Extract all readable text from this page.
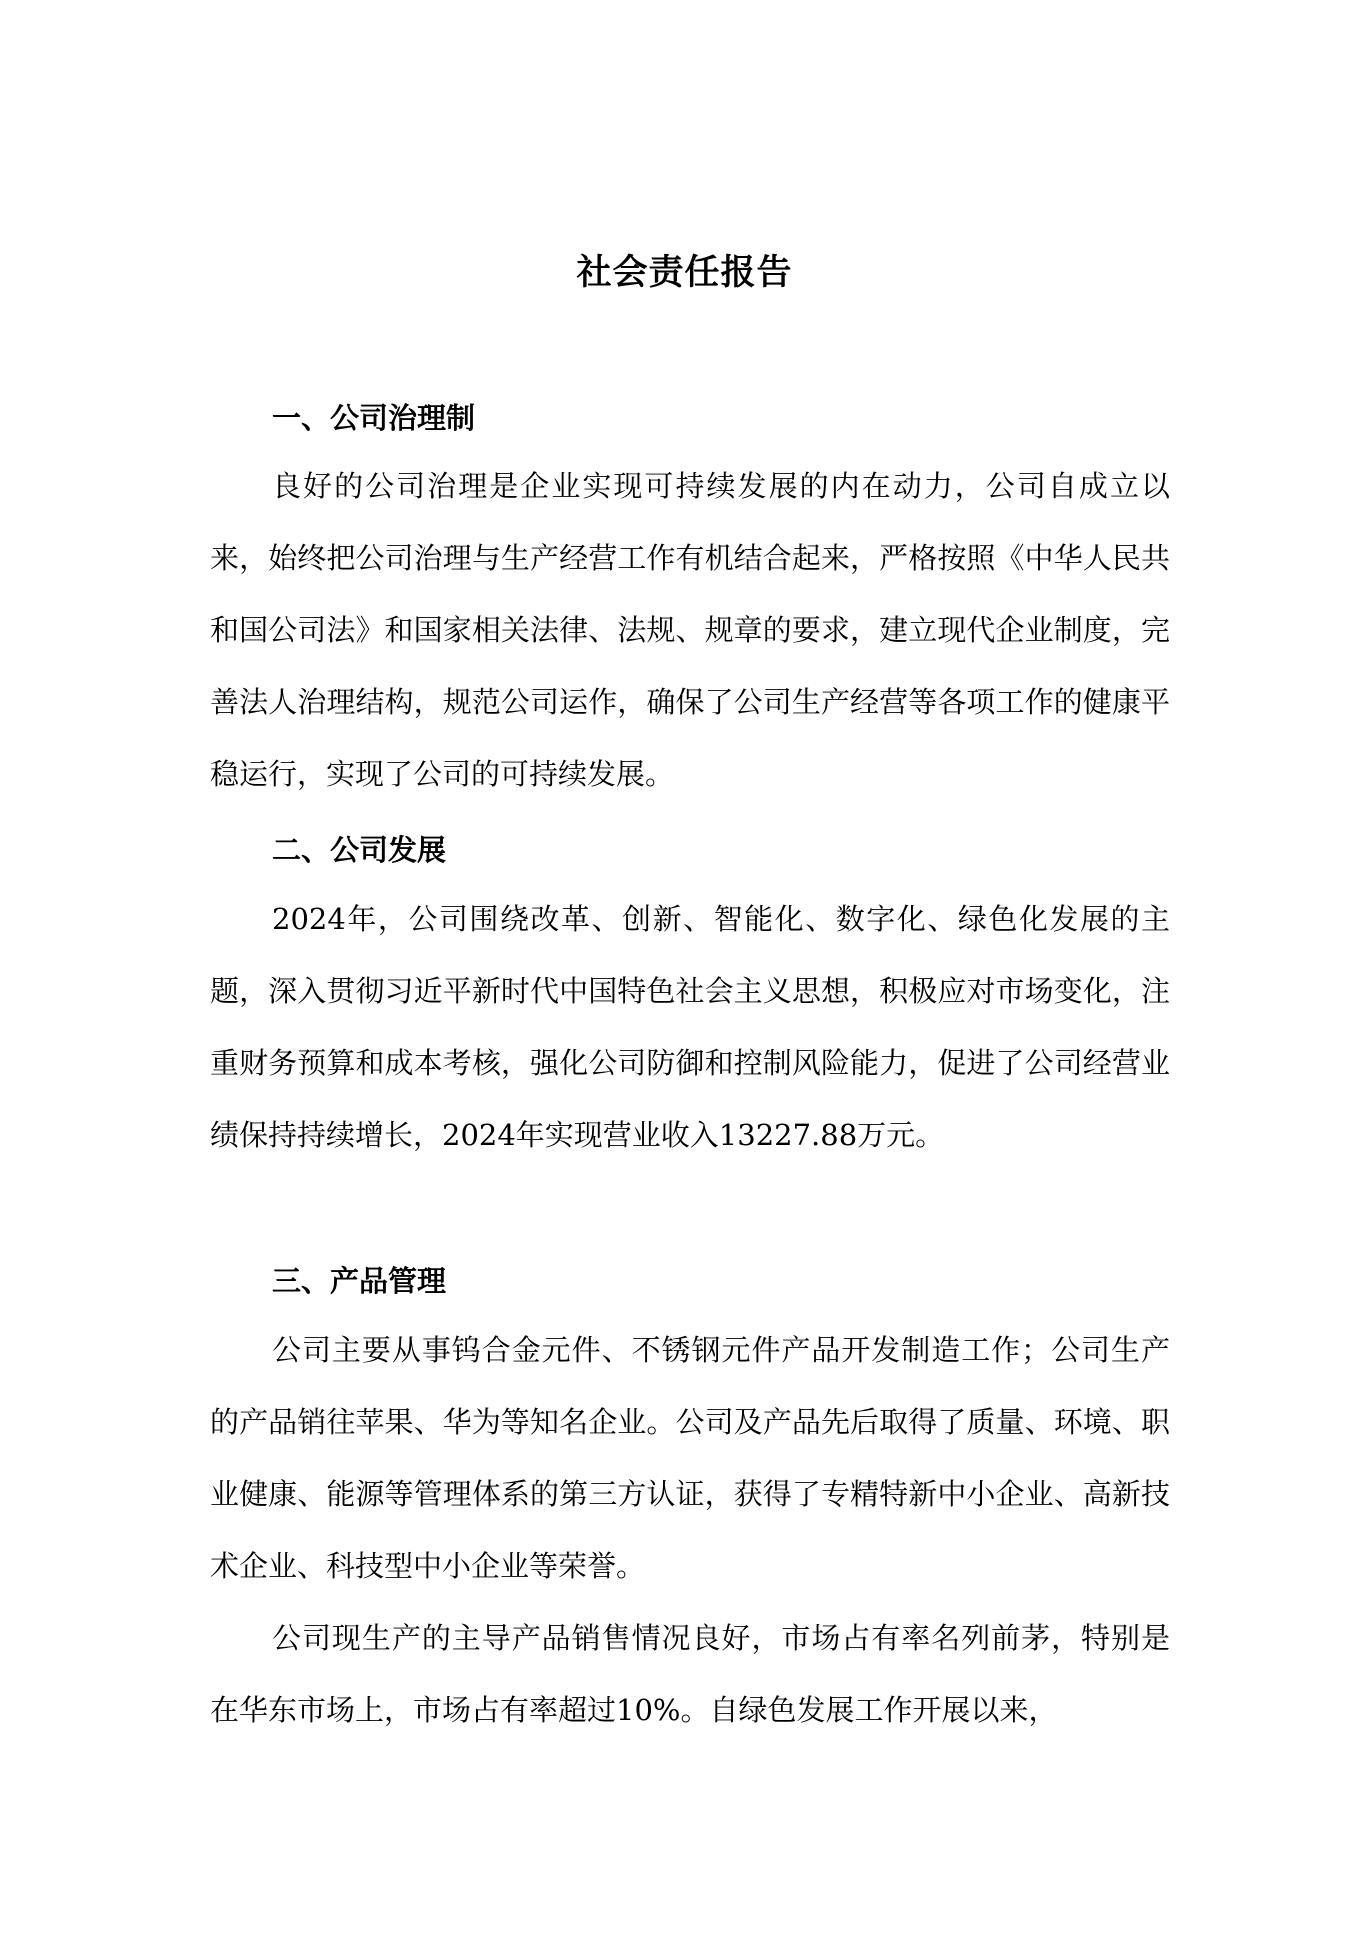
社会责任报告
一、公司治理制

良好的公司治理是企业实现可持续发展的内在动力，公司自成立以来，始终把公司治理与生产经营工作有机结合起来，严格按照《中华人民共和国公司法》和国家相关法律、法规、规章的要求，建立现代企业制度，完善法人治理结构，规范公司运作，确保了公司生产经营等各项工作的健康平稳运行，实现了公司的可持续发展。

二、公司发展

2024年，公司围绕改革、创新、智能化、数字化、绿色化发展的主题，深入贯彻习近平新时代中国特色社会主义思想，积极应对市场变化，注重财务预算和成本考核，强化公司防御和控制风险能力，促进了公司经营业绩保持持续增长，2024年实现营业收入13227.88万元。

三、产品管理

公司主要从事钨合金元件、不锈钢元件产品开发制造工作；公司生产的产品销往苹果、华为等知名企业。公司及产品先后取得了质量、环境、职业健康、能源等管理体系的第三方认证，获得了专精特新中小企业、高新技术企业、科技型中小企业等荣誉。

公司现生产的主导产品销售情况良好，市场占有率名列前茅，特别是在华东市场上，市场占有率超过10%。自绿色发展工作开展以来，
